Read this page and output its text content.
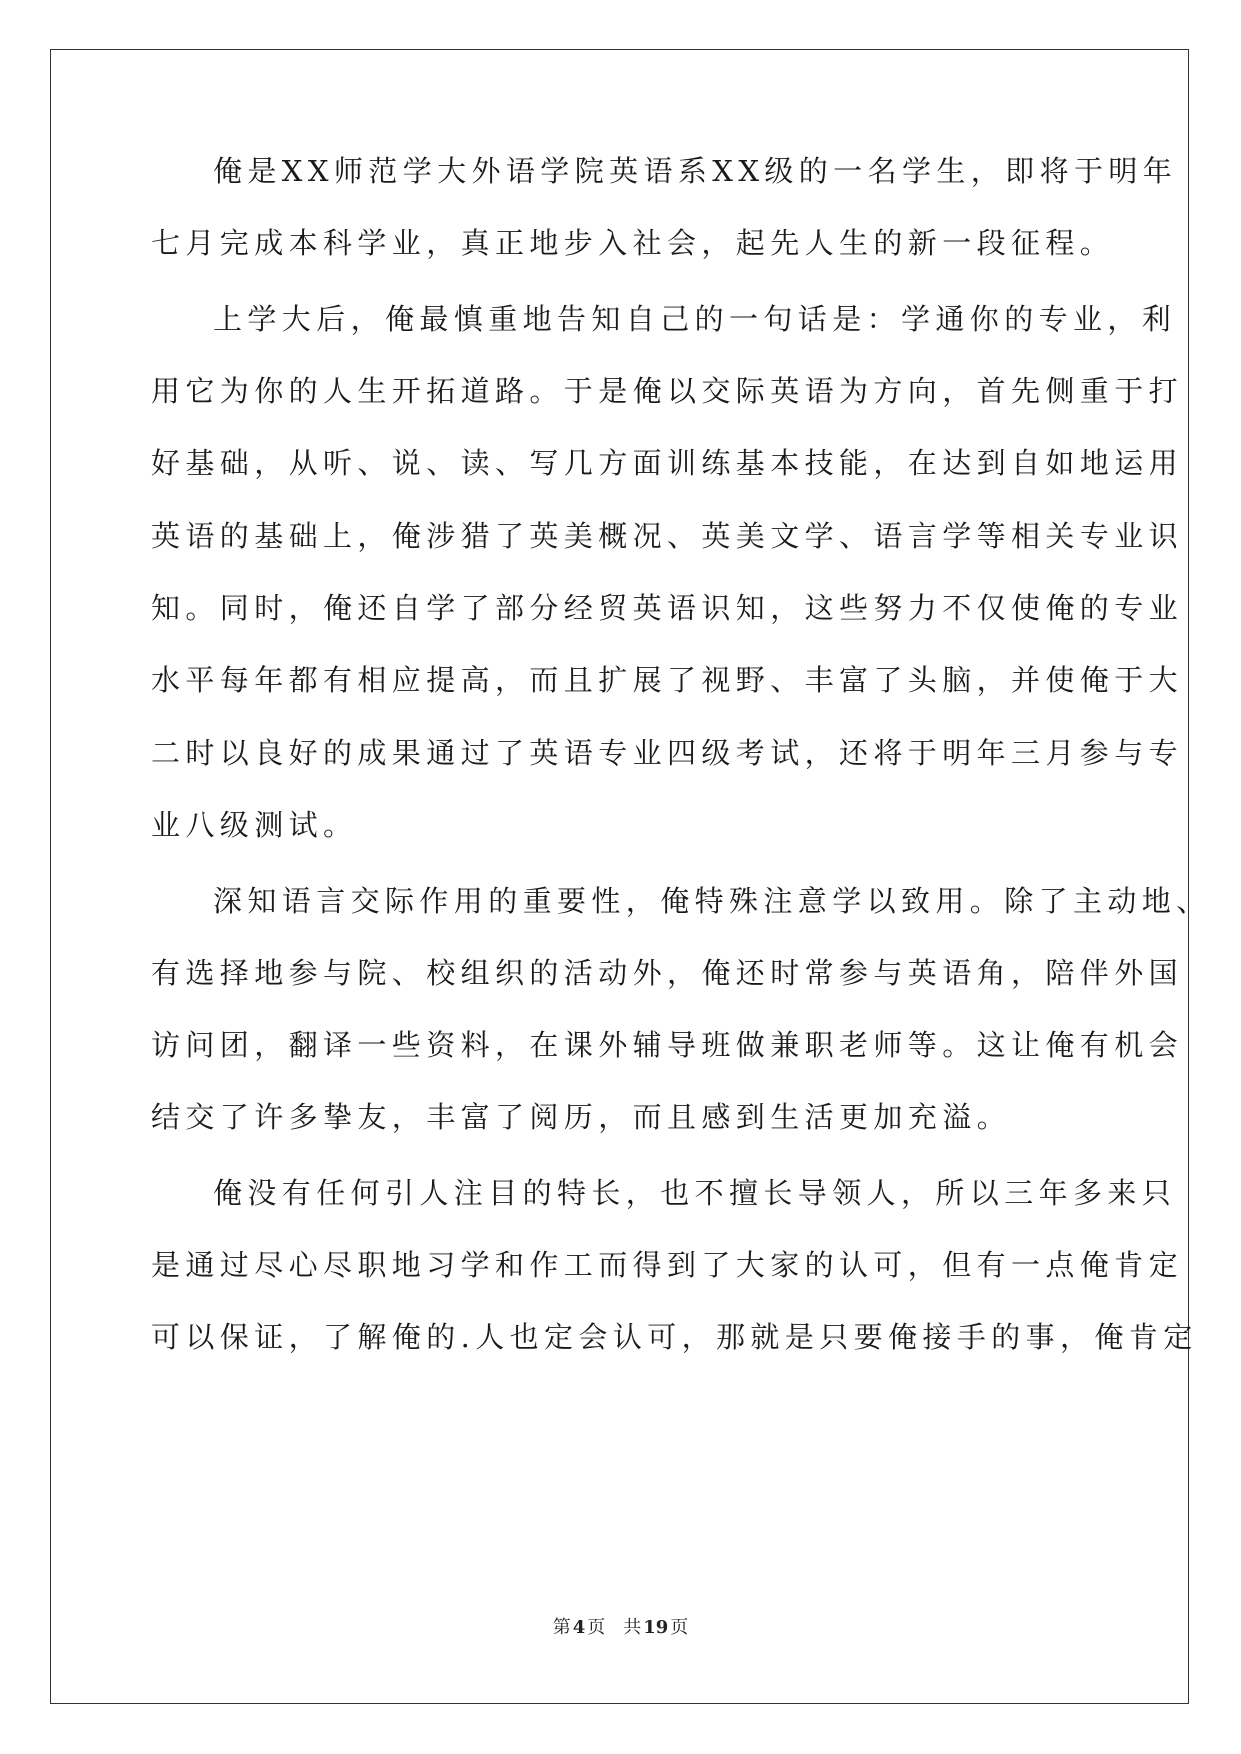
俺是XX师范学大外语学院英语系XX级的一名学生，即将于明年
七月完成本科学业，真正地步入社会，起先人生的新一段征程。
上学大后，俺最慎重地告知自己的一句话是：学通你的专业，利
用它为你的人生开拓道路。于是俺以交际英语为方向，首先侧重于打
好基础，从听、说、读、写几方面训练基本技能，在达到自如地运用
英语的基础上，俺涉猎了英美概况、英美文学、语言学等相关专业识
知。同时，俺还自学了部分经贸英语识知，这些努力不仅使俺的专业
水平每年都有相应提高，而且扩展了视野、丰富了头脑，并使俺于大
二时以良好的成果通过了英语专业四级考试，还将于明年三月参与专
业八级测试。
深知语言交际作用的重要性，俺特殊注意学以致用。除了主动地、
有选择地参与院、校组织的活动外，俺还时常参与英语角，陪伴外国
访问团，翻译一些资料，在课外辅导班做兼职老师等。这让俺有机会
结交了许多挚友，丰富了阅历，而且感到生活更加充溢。
俺没有任何引人注目的特长，也不擅长导领人，所以三年多来只
是通过尽心尽职地习学和作工而得到了大家的认可，但有一点俺肯定
可以保证，了解俺的.人也定会认可，那就是只要俺接手的事，俺肯定
第 4 页 共 19 页
